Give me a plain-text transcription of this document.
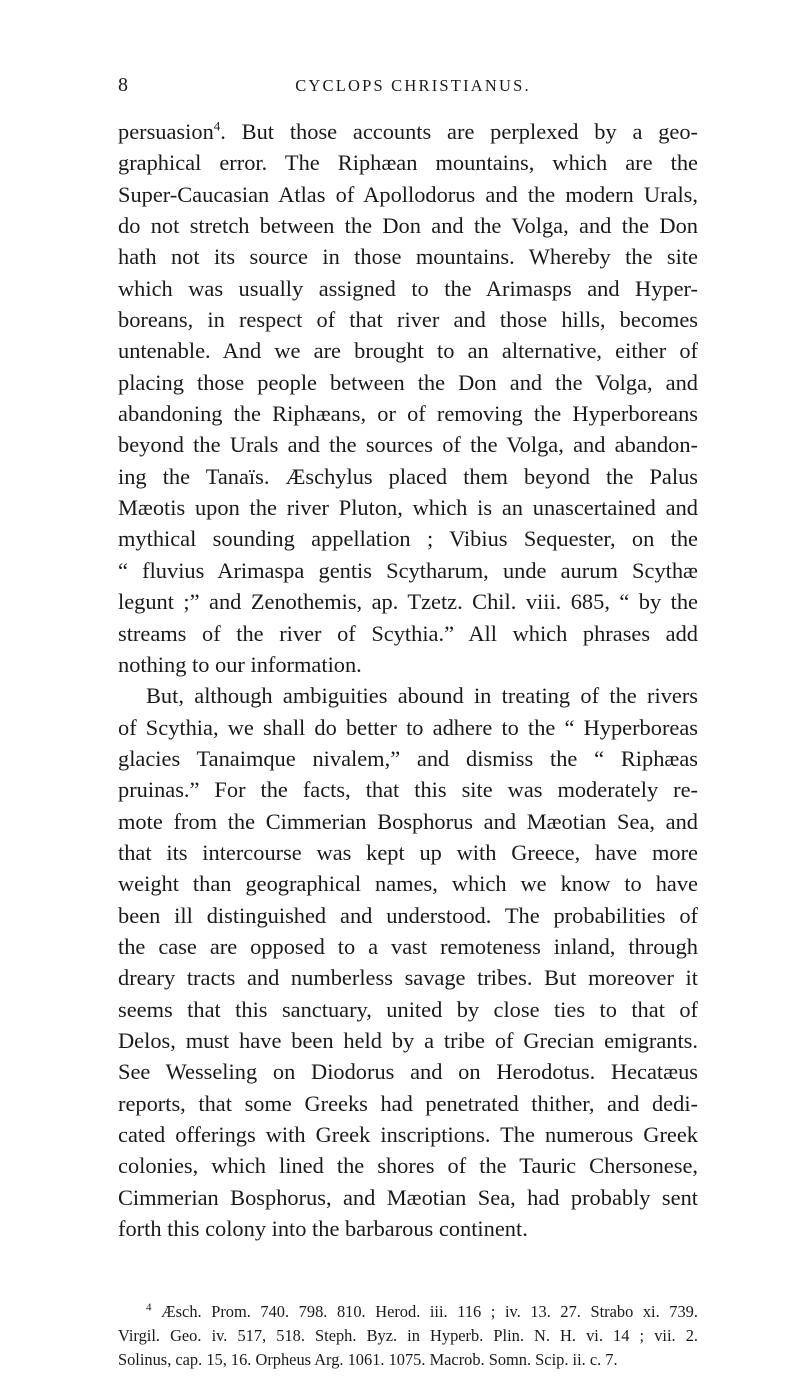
8	CYCLOPS CHRISTIANUS.

persuasion$^4$. But those accounts are perplexed by a geo-
graphical error. The Riphæan mountains, which are the
Super-Caucasian Atlas of Apollodorus and the modern Urals,
do not stretch between the Don and the Volga, and the Don
hath not its source in those mountains. Whereby the site
which was usually assigned to the Arimasps and Hyper-
boreans, in respect of that river and those hills, becomes
untenable. And we are brought to an alternative, either of
placing those people between the Don and the Volga, and
abandoning the Riphæans, or of removing the Hyperboreans
beyond the Urals and the sources of the Volga, and abandon-
ing the Tanaïs. Æschylus placed them beyond the Palus
Mæotis upon the river Pluton, which is an unascertained and
mythical sounding appellation ; Vibius Sequester, on the
“ fluvius Arimaspa gentis Scytharum, unde aurum Scythæ
legunt ;” and Zenothemis, ap. Tzetz. Chil. viii. 685, “ by the
streams of the river of Scythia.” All which phrases add
nothing to our information.

But, although ambiguities abound in treating of the rivers
of Scythia, we shall do better to adhere to the “ Hyperboreas
glacies Tanaimque nivalem,” and dismiss the “ Riphæas
pruinas.” For the facts, that this site was moderately re-
mote from the Cimmerian Bosphorus and Mæotian Sea, and
that its intercourse was kept up with Greece, have more
weight than geographical names, which we know to have
been ill distinguished and understood. The probabilities of
the case are opposed to a vast remoteness inland, through
dreary tracts and numberless savage tribes. But moreover it
seems that this sanctuary, united by close ties to that of
Delos, must have been held by a tribe of Grecian emigrants.
See Wesseling on Diodorus and on Herodotus. Hecatæus
reports, that some Greeks had penetrated thither, and dedi-
cated offerings with Greek inscriptions. The numerous Greek
colonies, which lined the shores of the Tauric Chersonese,
Cimmerian Bosphorus, and Mæotian Sea, had probably sent
forth this colony into the barbarous continent.

$^4$ Æsch. Prom. 740. 798. 810. Herod. iii. 116 ; iv. 13. 27. Strabo xi. 739.
Virgil. Geo. iv. 517, 518. Steph. Byz. in Hyperb. Plin. N. H. vi. 14 ; vii. 2.
Solinus, cap. 15, 16. Orpheus Arg. 1061. 1075. Macrob. Somn. Scip. ii. c. 7.
